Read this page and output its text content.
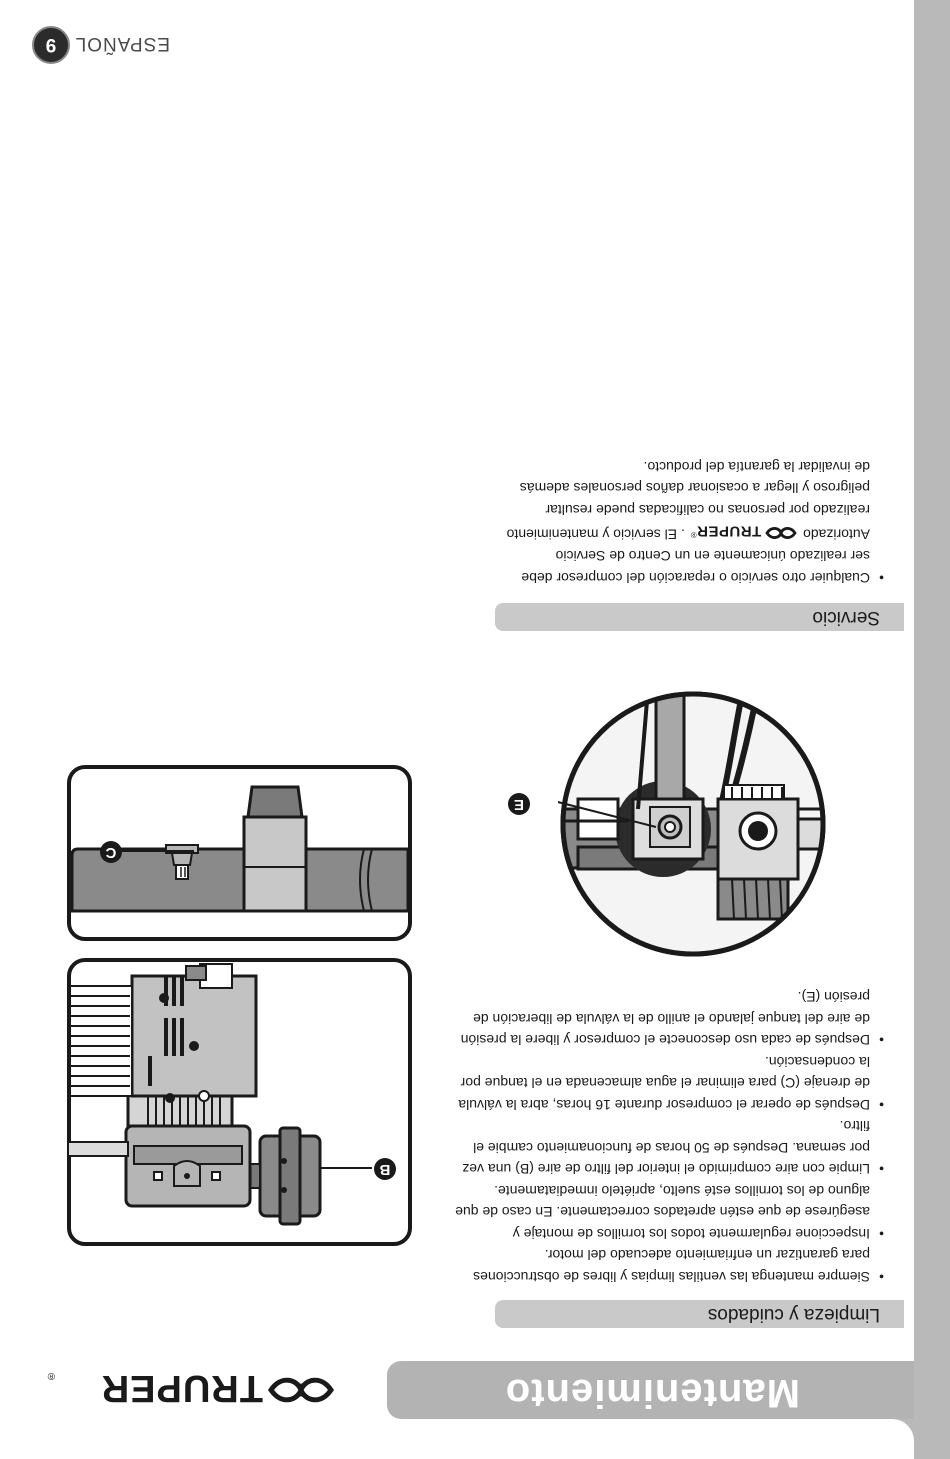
Mantenimiento
TRUPER
®
Limpieza y cuidados
• Siempre mantenga las ventilas limpias y libres de obstrucciones para garantizar un enfriamiento adecuado del motor.
• Inspeccione regularmente todos los tornillos de montaje y asegúrese de que estén apretados correctamente. En caso de que alguno de los tornillos esté suelto, apriételo inmediatamente.
• Limpie con aire comprimido el interior del filtro de aire (B) una vez por semana. Después de 50 horas de funcionamiento cambie el filtro.
• Después de operar el compresor durante 16 horas, abra la válvula de drenaje (C) para eliminar el agua almacenada en el tanque por la condensación.
• Después de cada uso desconecte el compresor y libere la presión de aire del tanque jalando el anillo de la válvula de liberación de presión (E).
E
Servicio
• Cualquier otro servicio o reparación del compresor debe ser realizado únicamente en un Centro de Servicio Autorizado  TRUPER® . El servicio y mantenimiento realizado por personas no calificadas puede resultar peligroso y llegar a ocasionar daños personales además de invalidar la garantía del producto.
B
C
ESPAÑOL
9
